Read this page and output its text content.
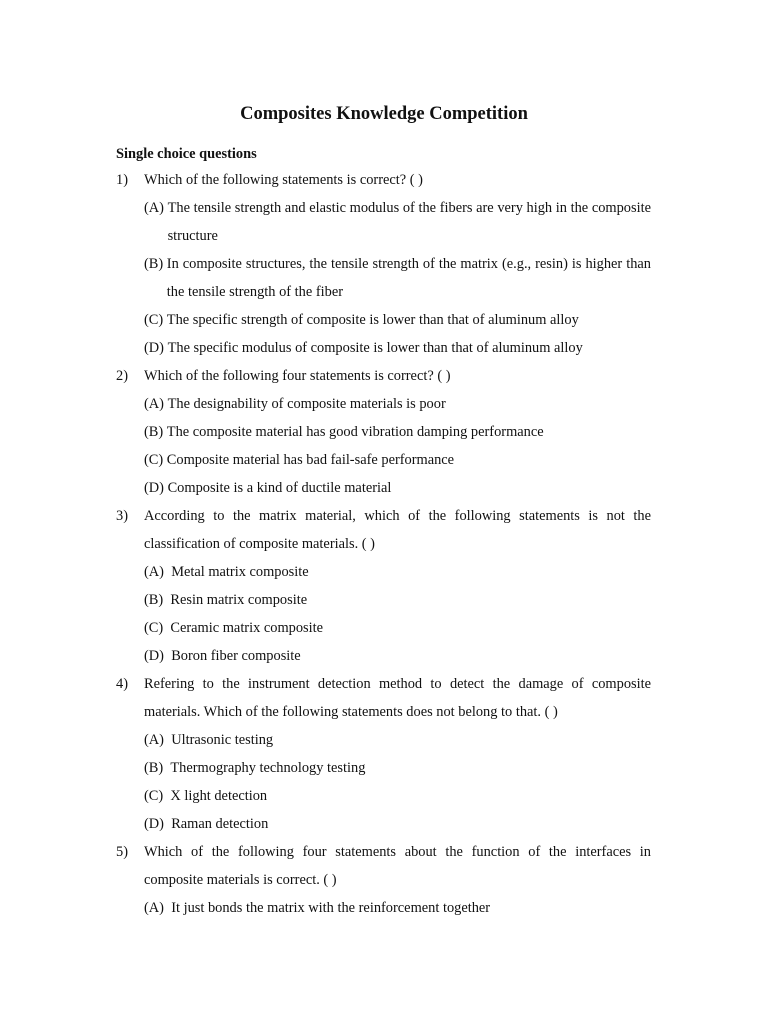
Composites Knowledge Competition
Single choice questions
1) Which of the following statements is correct? ( )
(A) The tensile strength and elastic modulus of the fibers are very high in the composite structure
(B) In composite structures, the tensile strength of the matrix (e.g., resin) is higher than the tensile strength of the fiber
(C) The specific strength of composite is lower than that of aluminum alloy
(D) The specific modulus of composite is lower than that of aluminum alloy
2) Which of the following four statements is correct? ( )
(A) The designability of composite materials is poor
(B) The composite material has good vibration damping performance
(C) Composite material has bad fail-safe performance
(D) Composite is a kind of ductile material
3) According to the matrix material, which of the following statements is not the classification of composite materials. ( )
(A) Metal matrix composite
(B) Resin matrix composite
(C) Ceramic matrix composite
(D) Boron fiber composite
4) Refering to the instrument detection method to detect the damage of composite materials. Which of the following statements does not belong to that. ( )
(A) Ultrasonic testing
(B) Thermography technology testing
(C) X light detection
(D) Raman detection
5) Which of the following four statements about the function of the interfaces in composite materials is correct. ( )
(A) It just bonds the matrix with the reinforcement together
